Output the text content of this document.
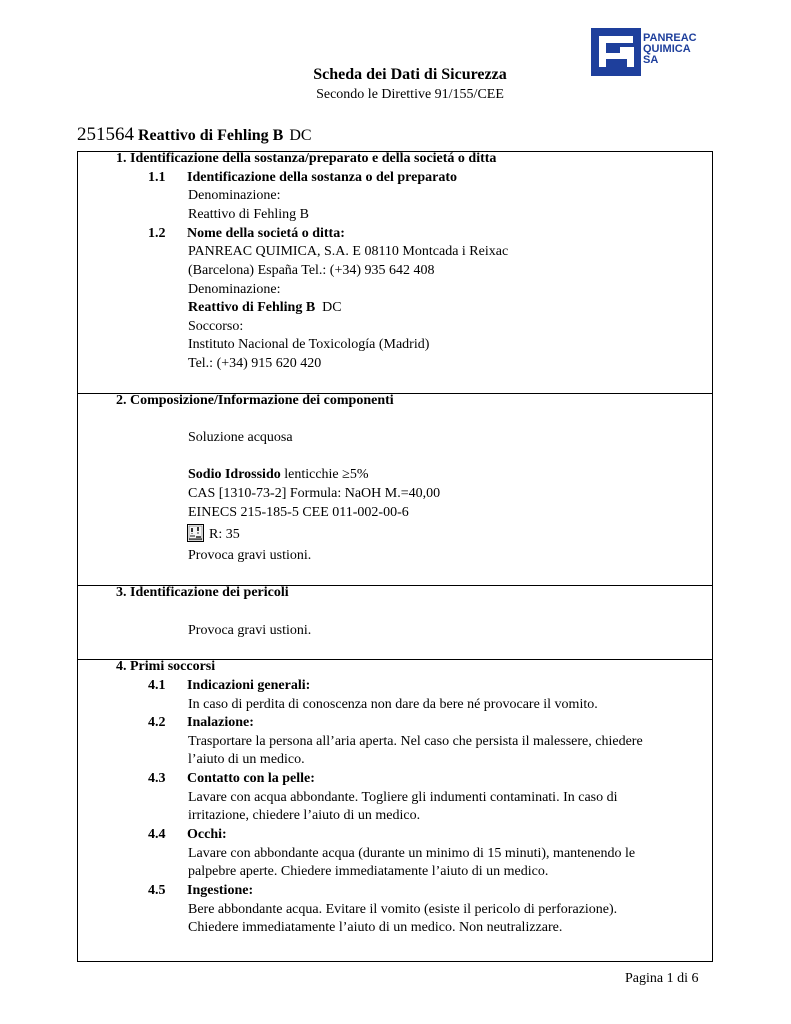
PANREAC
QUIMICA
SA
Scheda dei Dati di Sicurezza
Secondo le Direttive 91/155/CEE
251564 Reattivo di Fehling B DC
1. Identificazione della sostanza/preparato e della societá o ditta
1.1 Identificazione della sostanza o del preparato
Denominazione:
Reattivo di Fehling B
1.2 Nome della societá o ditta:
PANREAC QUIMICA, S.A. E 08110 Montcada i Reixac
(Barcelona) España Tel.: (+34) 935 642 408
Denominazione:
Reattivo di Fehling B DC
Soccorso:
Instituto Nacional de Toxicología (Madrid)
Tel.: (+34) 915 620 420
2. Composizione/Informazione dei componenti
Soluzione acquosa
Sodio Idrossido lenticchie ≥5%
CAS [1310-73-2] Formula: NaOH M.=40,00
EINECS 215-185-5 CEE 011-002-00-6
R: 35
Provoca gravi ustioni.
3. Identificazione dei pericoli
Provoca gravi ustioni.
4. Primi soccorsi
4.1 Indicazioni generali:
In caso di perdita di conoscenza non dare da bere né provocare il vomito.
4.2 Inalazione:
Trasportare la persona all’aria aperta. Nel caso che persista il malessere, chiedere
l’aiuto di un medico.
4.3 Contatto con la pelle:
Lavare con acqua abbondante. Togliere gli indumenti contaminati. In caso di
irritazione, chiedere l’aiuto di un medico.
4.4 Occhi:
Lavare con abbondante acqua (durante un minimo di 15 minuti), mantenendo le
palpebre aperte. Chiedere immediatamente l’aiuto di un medico.
4.5 Ingestione:
Bere abbondante acqua. Evitare il vomito (esiste il pericolo di perforazione).
Chiedere immediatamente l’aiuto di un medico. Non neutralizzare.
Pagina 1 di 6
